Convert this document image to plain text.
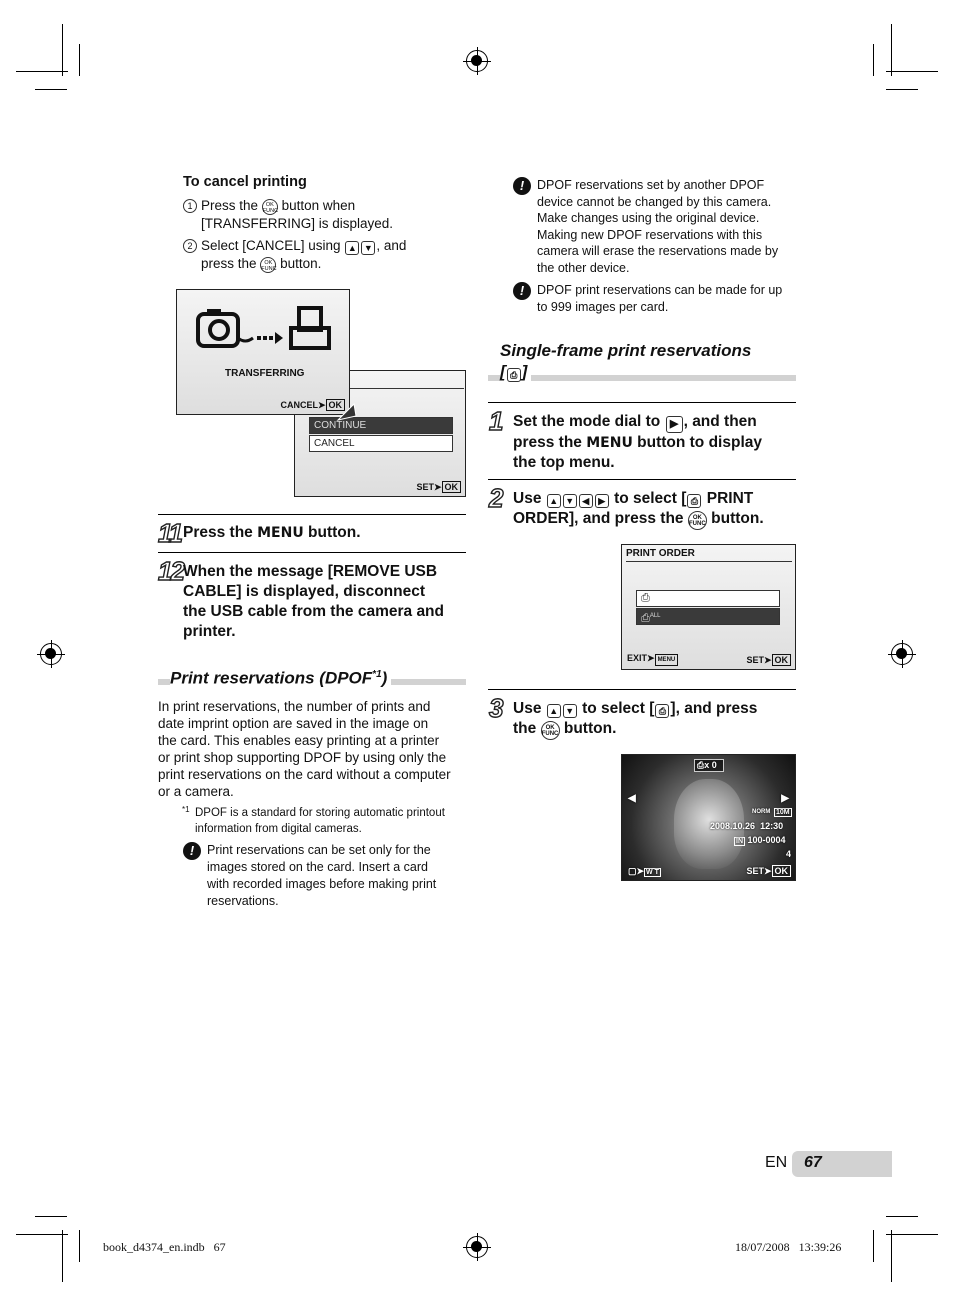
To cancel printing
1 Press the OK
FUNC button when
[TRANSFERRING] is displayed.
2 Select [CANCEL] using ▲ ▼ , and
press the OK
FUNC button.
CONTINUE
CANCEL
SET➤ OK
TRANSFERRING
CANCEL➤ OK
11 Press the MENU button.
12 When the message [REMOVE USB
CABLE] is displayed, disconnect
the USB cable from the camera and
printer.
Print reservations (DPOF$^{*1}$)
In print reservations, the number of prints and
date imprint option are saved in the image on
the card. This enables easy printing at a printer
or print shop supporting DPOF by using only the
print reservations on the card without a computer
or a camera.
*1 DPOF is a standard for storing automatic printout
information from digital cameras.
!	Print reservations can be set only for the
images stored on the card. Insert a card
with recorded images before making print
reservations.
!	DPOF reservations set by another DPOF
device cannot be changed by this camera.
Make changes using the original device.
Making new DPOF reservations with this
camera will erase the reservations made by
the other device.
!	DPOF print reservations can be made for up
to 999 images per card.
Single-frame print reservations
[ ⎙ ]
1 Set the mode dial to ▶ , and then
press the MENU button to display
the top menu.
2 Use ▲ ▼ ◀ ▶ to select [ ⎙ PRINT
ORDER], and press the OK
FUNC button.
PRINT ORDER
⎙
⎙$^{ALL}$
EXIT➤ MENU	SET➤ OK
3 Use ▲ ▼ to select [ ⎙ ], and press
the OK
FUNC button.
⎙x 0
◀	▶
NORM 10M
2008.10.26 12:30
IN 100-0004
4
▢➤ W T	SET➤ OK
EN 67
book_d4374_en.indb   67	18/07/2008   13:39:26
